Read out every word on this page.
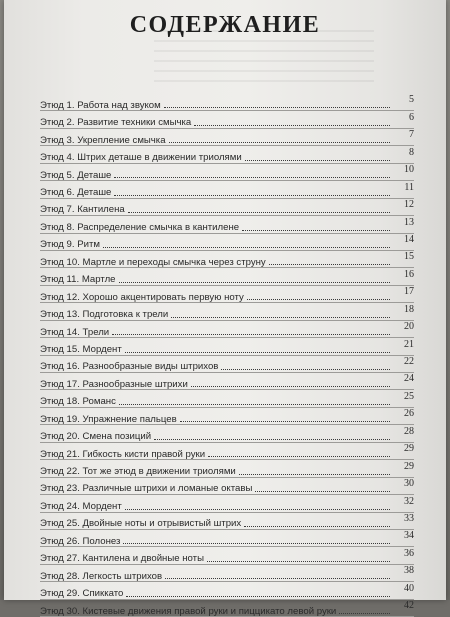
СОДЕРЖАНИЕ
Этюд 1. Работа над звуком	5
Этюд 2. Развитие техники смычка	6
Этюд 3. Укрепление смычка	7
Этюд 4. Штрих деташе в движении триолями	8
Этюд 5. Деташе	10
Этюд 6. Деташе	11
Этюд 7. Кантилена	12
Этюд 8. Распределение смычка в кантилене	13
Этюд 9. Ритм	14
Этюд 10. Мартле и переходы смычка через струну	15
Этюд 11. Мартле	16
Этюд 12. Хорошо акцентировать первую ноту	17
Этюд 13. Подготовка к трели	18
Этюд 14. Трели	20
Этюд 15. Мордент	21
Этюд 16. Разнообразные виды штрихов	22
Этюд 17. Разнообразные штрихи	24
Этюд 18. Романс	25
Этюд 19. Упражнение пальцев	26
Этюд 20. Смена позиций	28
Этюд 21. Гибкость кисти правой руки	29
Этюд 22. Тот же этюд в движении триолями	29
Этюд 23. Различные штрихи и ломаные октавы	30
Этюд 24. Мордент	32
Этюд 25. Двойные ноты и отрывистый штрих	33
Этюд 26. Полонез	34
Этюд 27. Кантилена и двойные ноты	36
Этюд 28. Легкость штрихов	38
Этюд 29. Спиккато	40
Этюд 30. Кистевые движения правой руки и пиццикато левой руки	42
